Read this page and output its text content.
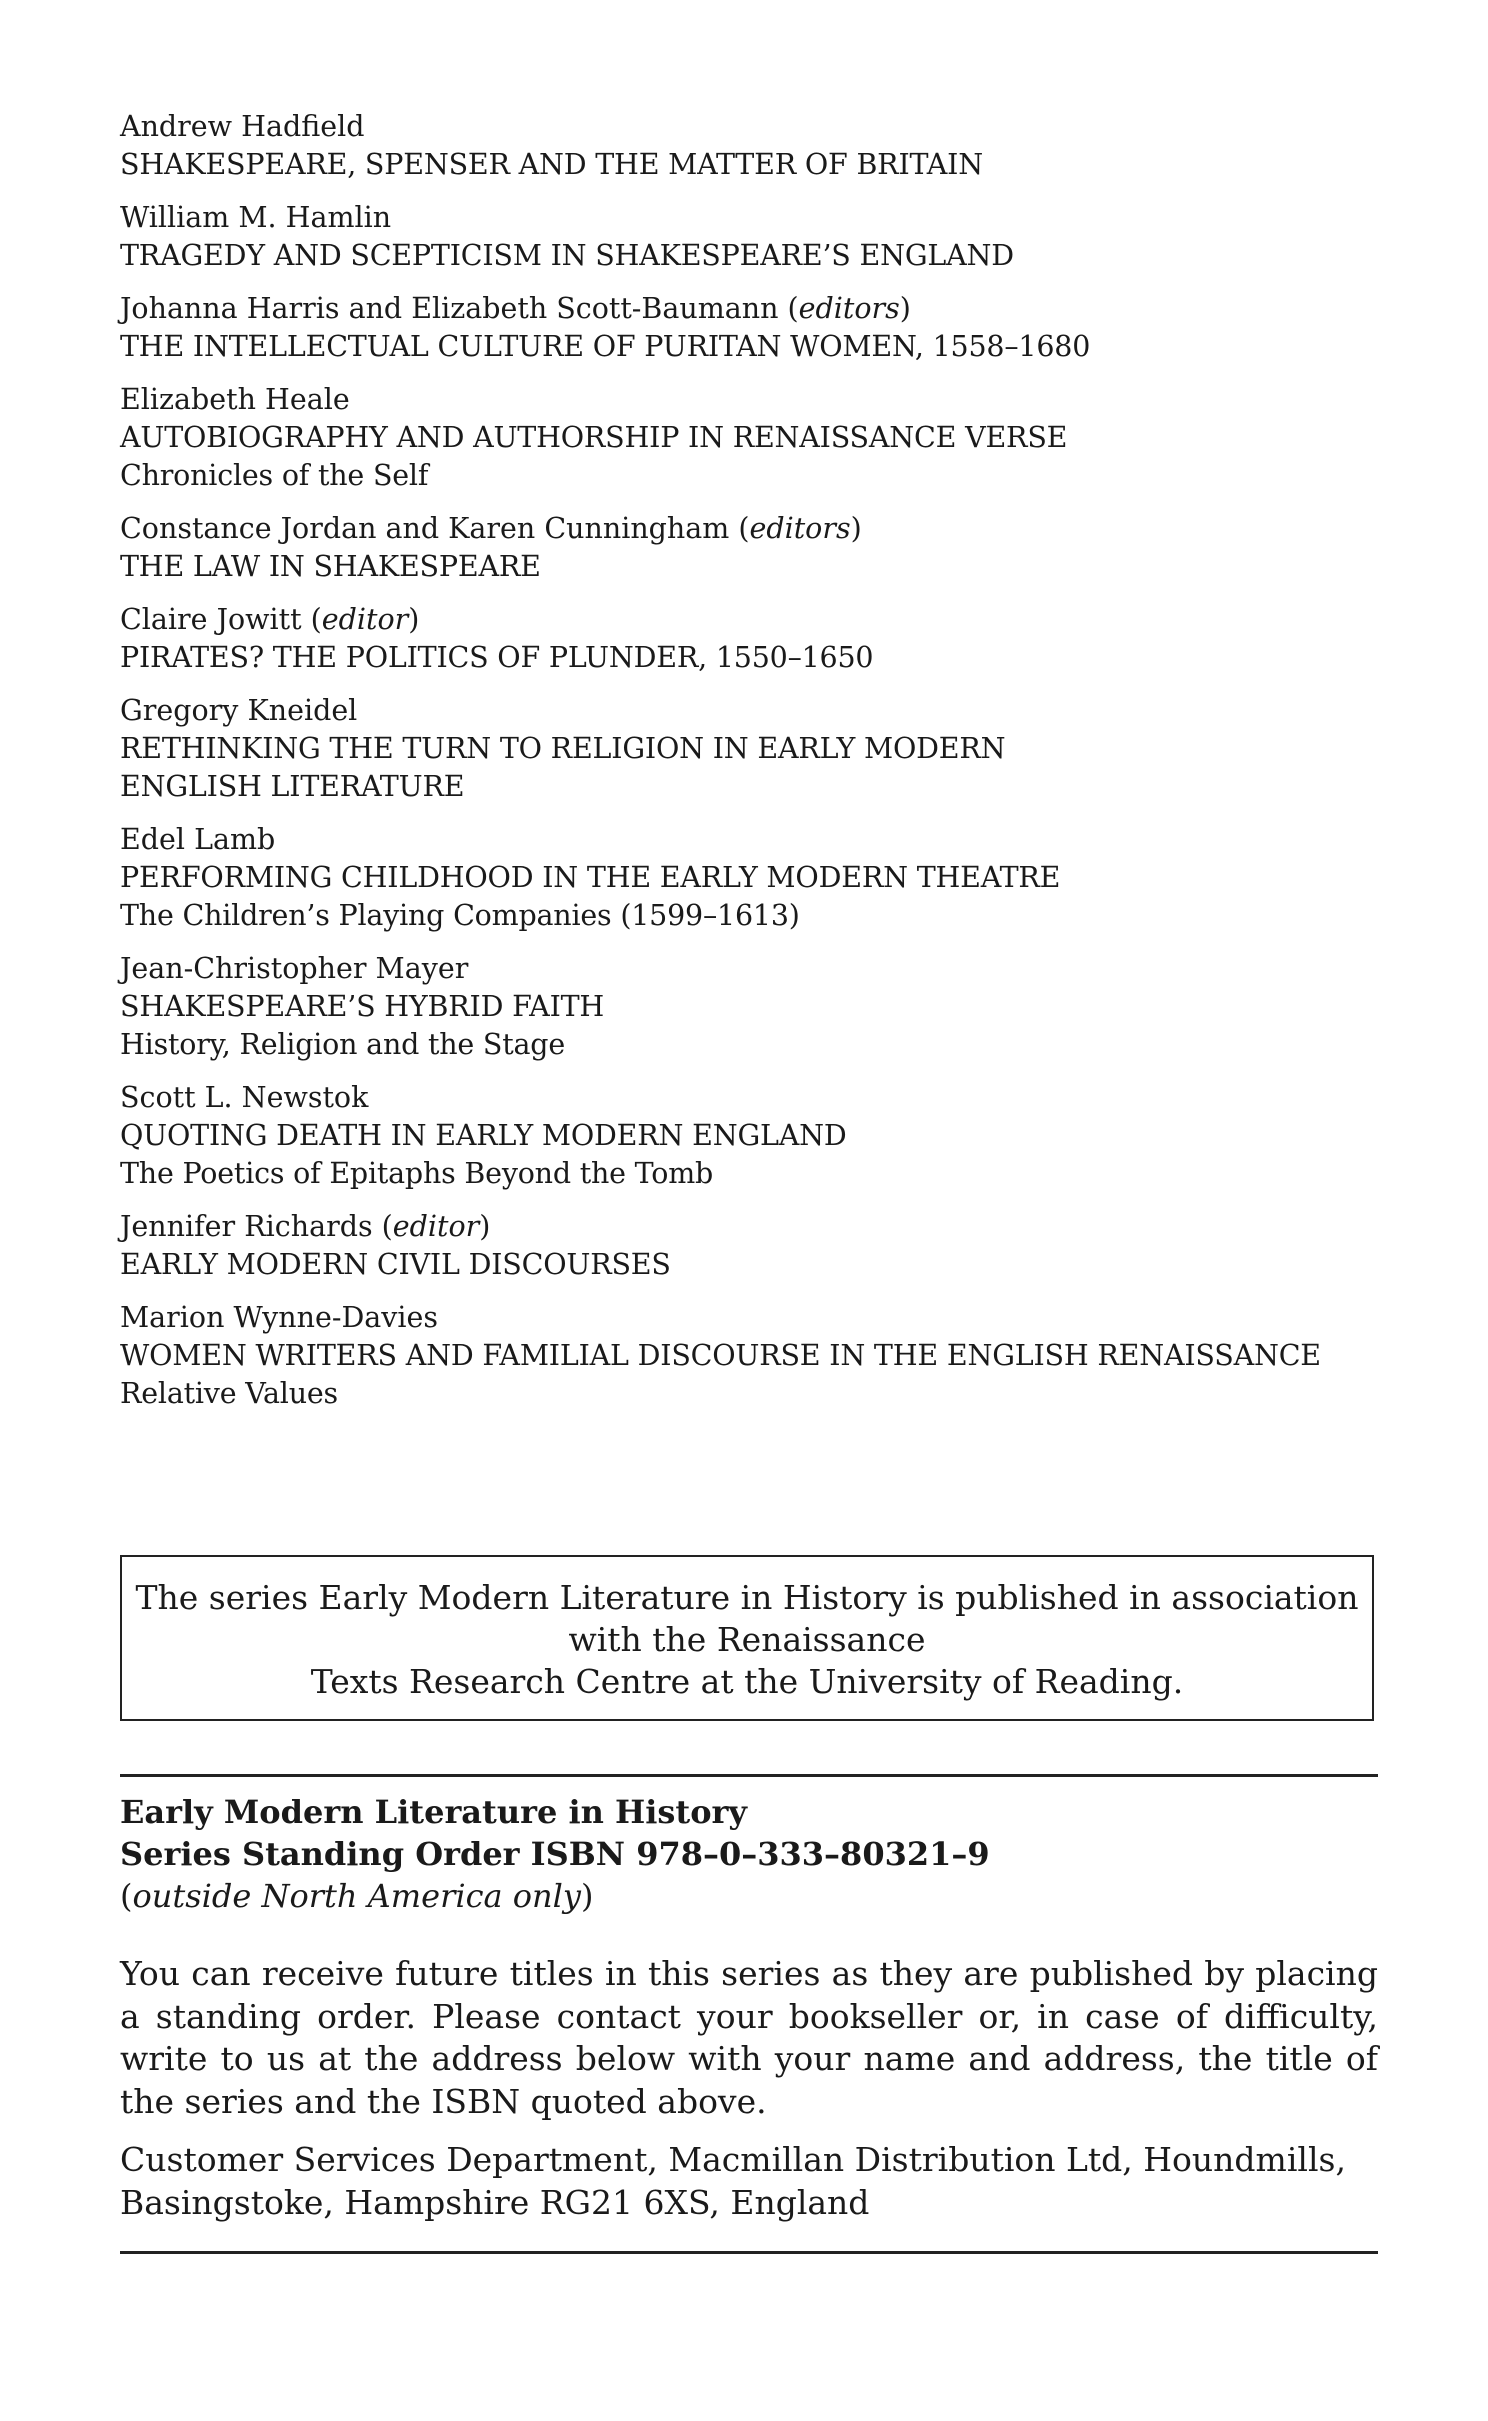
Andrew Hadfield
SHAKESPEARE, SPENSER AND THE MATTER OF BRITAIN
William M. Hamlin
TRAGEDY AND SCEPTICISM IN SHAKESPEARE’S ENGLAND
Johanna Harris and Elizabeth Scott-Baumann (editors)
THE INTELLECTUAL CULTURE OF PURITAN WOMEN, 1558–1680
Elizabeth Heale
AUTOBIOGRAPHY AND AUTHORSHIP IN RENAISSANCE VERSE
Chronicles of the Self
Constance Jordan and Karen Cunningham (editors)
THE LAW IN SHAKESPEARE
Claire Jowitt (editor)
PIRATES? THE POLITICS OF PLUNDER, 1550–1650
Gregory Kneidel
RETHINKING THE TURN TO RELIGION IN EARLY MODERN
ENGLISH LITERATURE
Edel Lamb
PERFORMING CHILDHOOD IN THE EARLY MODERN THEATRE
The Children’s Playing Companies (1599–1613)
Jean-Christopher Mayer
SHAKESPEARE’S HYBRID FAITH
History, Religion and the Stage
Scott L. Newstok
QUOTING DEATH IN EARLY MODERN ENGLAND
The Poetics of Epitaphs Beyond the Tomb
Jennifer Richards (editor)
EARLY MODERN CIVIL DISCOURSES
Marion Wynne-Davies
WOMEN WRITERS AND FAMILIAL DISCOURSE IN THE ENGLISH RENAISSANCE
Relative Values
The series Early Modern Literature in History is published in association
with the Renaissance
Texts Research Centre at the University of Reading.
Early Modern Literature in History
Series Standing Order ISBN 978–0–333–80321–9
(outside North America only)
You can receive future titles in this series as they are published by placing a standing order. Please contact your bookseller or, in case of difficulty, write to us at the address below with your name and address, the title of the series and the ISBN quoted above.
Customer Services Department, Macmillan Distribution Ltd, Houndmills,
Basingstoke, Hampshire RG21 6XS, England
